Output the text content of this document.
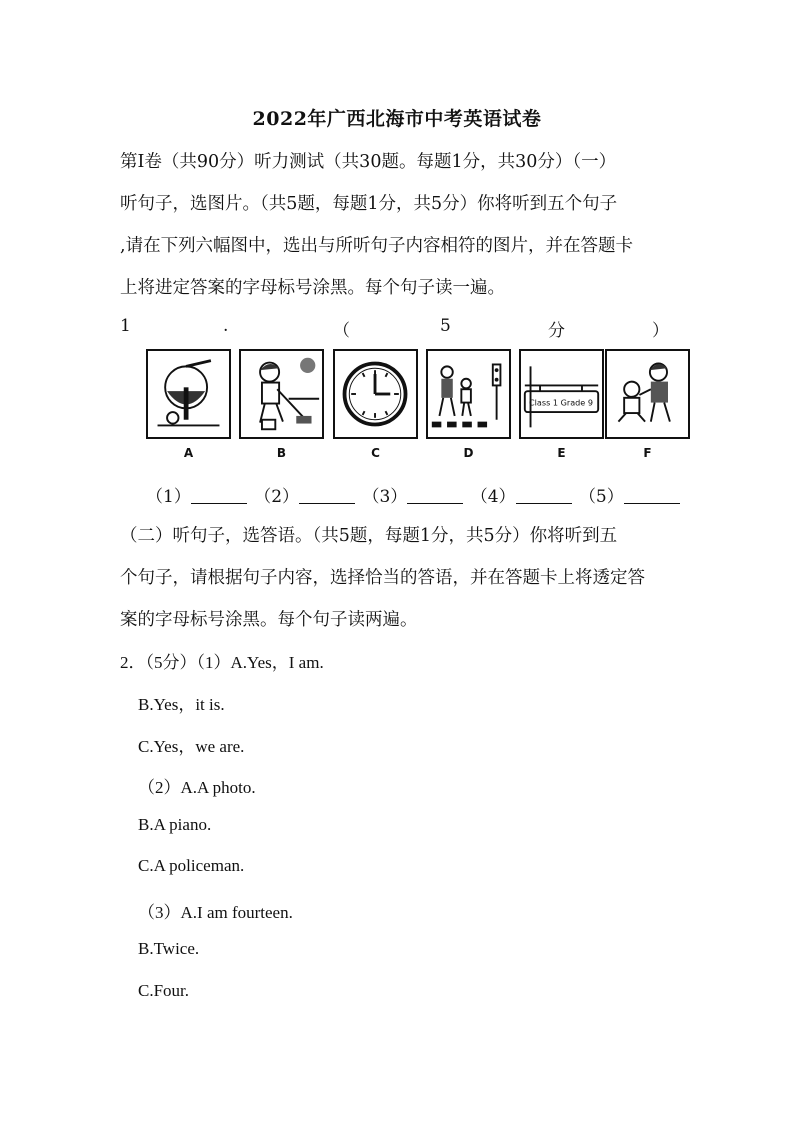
2022年广西北海市中考英语试卷
第I卷（共90分）听力测试（共30题。每题1分，共30分）（一）
听句子，选图片。（共5题，每题1分，共5分）你将听到五个句子
,请在下列六幅图中，选出与所听句子内容相符的图片，并在答题卡
上将进定答案的字母标号涂黑。每个句子读一遍。
1	.	（	5	分	）
A	B	C	D
Class 1 Grade 9
E	F
（1）	（2）	（3）	（4）	（5）
（二）听句子，选答语。（共5题，每题1分，共5分）你将听到五
个句子，请根据句子内容，选择恰当的答语，并在答题卡上将透定答
案的字母标号涂黑。每个句子读两遍。
2．（5分）（1）A.Yes，I am.
B.Yes，it is.
C.Yes，we are.
（2）A.A photo.
B.A piano.
C.A policeman.
（3）A.I am fourteen.
B.Twice.
C.Four.
